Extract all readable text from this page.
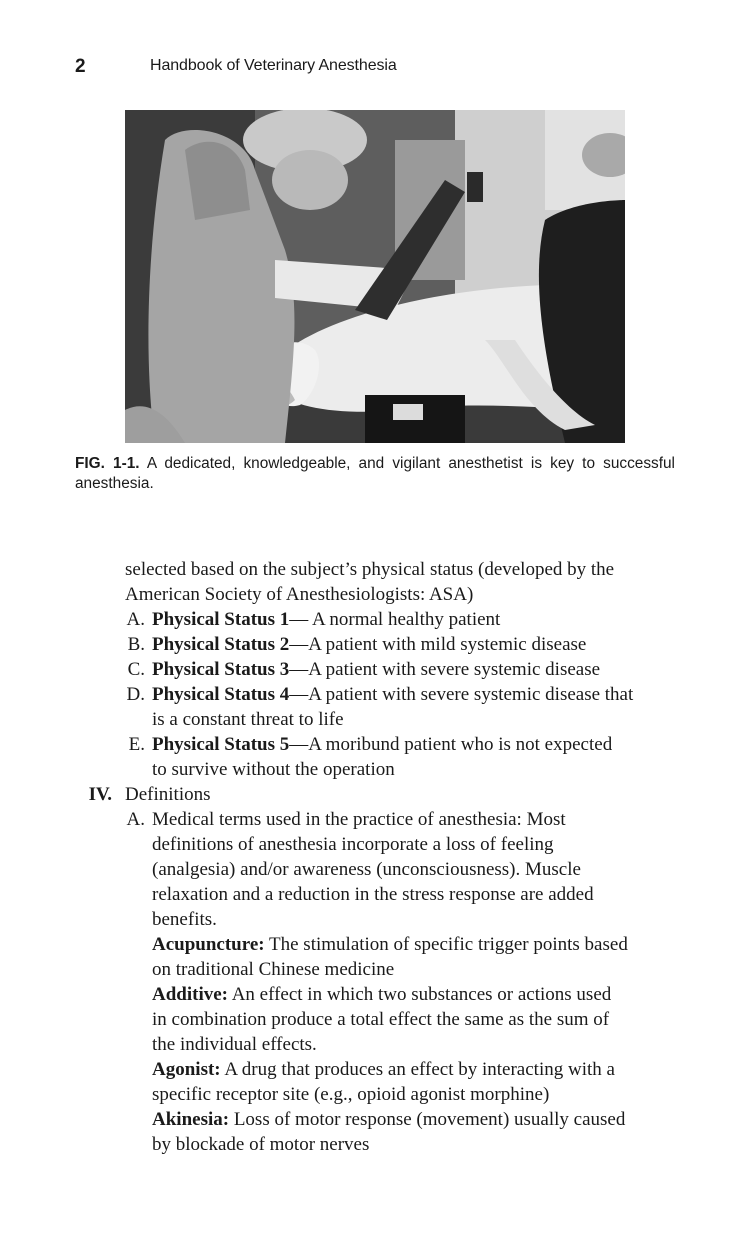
2	Handbook of Veterinary Anesthesia
FIG. 1-1. A dedicated, knowledgeable, and vigilant anesthetist is key to successful anesthesia.
selected based on the subject’s physical status (developed by the
American Society of Anesthesiologists: ASA)
A. Physical Status 1— A normal healthy patient
B. Physical Status 2—A patient with mild systemic disease
C. Physical Status 3—A patient with severe systemic disease
D. Physical Status 4—A patient with severe systemic disease that
is a constant threat to life
E. Physical Status 5—A moribund patient who is not expected
to survive without the operation
IV. Definitions
A. Medical terms used in the practice of anesthesia: Most
definitions of anesthesia incorporate a loss of feeling
(analgesia) and/or awareness (unconsciousness). Muscle
relaxation and a reduction in the stress response are added
benefits.
Acupuncture: The stimulation of specific trigger points based
on traditional Chinese medicine
Additive: An effect in which two substances or actions used
in combination produce a total effect the same as the sum of
the individual effects.
Agonist: A drug that produces an effect by interacting with a
specific receptor site (e.g., opioid agonist morphine)
Akinesia: Loss of motor response (movement) usually caused
by blockade of motor nerves
